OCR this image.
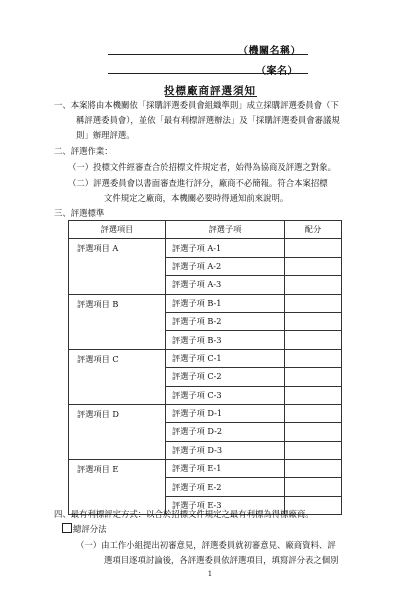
（機關名稱）
（案名）
投標廠商評選須知
一、本案將由本機關依「採購評選委員會組織準則」成立採購評選委員會（下
稱評選委員會），並依「最有利標評選辦法」及「採購評選委員會審議規
則」辦理評選。
二、評選作業：
（一）投標文件經審查合於招標文件規定者，始得為協商及評選之對象。
（二）評選委員會以書面審查進行評分，廠商不必簡報。符合本案招標
文件規定之廠商，本機關必要時得通知前來說明。
三、評選標準
評選項目	評選子項	配分

評選項目 A	評選子項 A-1	
	評選子項 A-2	
	評選子項 A-3	

評選項目 B	評選子項 B-1	
	評選子項 B-2	
	評選子項 B-3	

評選項目 C	評選子項 C-1	
	評選子項 C-2	
	評選子項 C-3	

評選項目 D	評選子項 D-1	
	評選子項 D-2	
	評選子項 D-3	

評選項目 E	評選子項 E-1	
	評選子項 E-2	
	評選子項 E-3	
四、最有利標評定方式：以合於招標文件規定之最有利標為得標廠商。
總評分法
（一）由工作小組提出初審意見，評選委員就初審意見、廠商資料、評
選項目逐項討論後，各評選委員依評選項目，填寫評分表之個別
1
